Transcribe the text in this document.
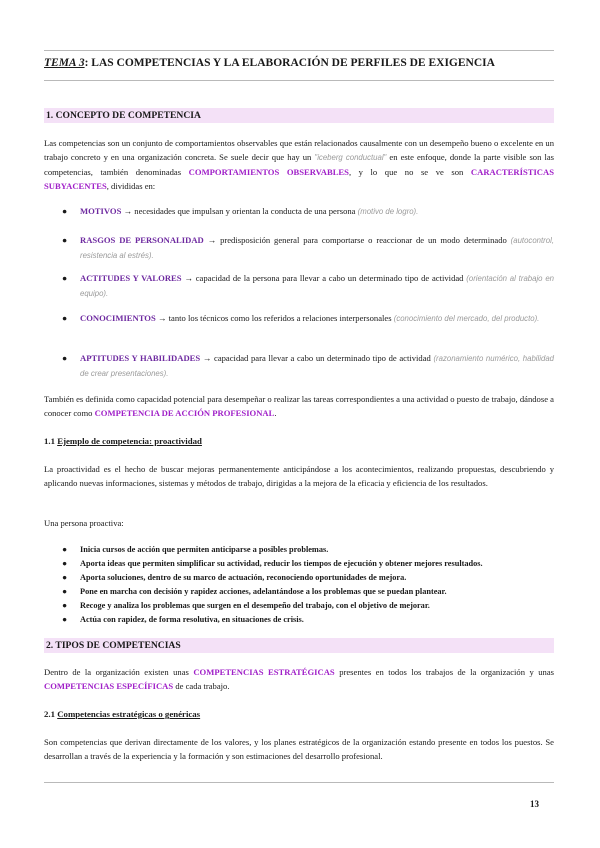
TEMA 3: LAS COMPETENCIAS Y LA ELABORACIÓN DE PERFILES DE EXIGENCIA
1. CONCEPTO DE COMPETENCIA
Las competencias son un conjunto de comportamientos observables que están relacionados causalmente con un desempeño bueno o excelente en un trabajo concreto y en una organización concreta. Se suele decir que hay un "iceberg conductual" en este enfoque, donde la parte visible son las competencias, también denominadas COMPORTAMIENTOS OBSERVABLES, y lo que no se ve son CARACTERÍSTICAS SUBYACENTES, divididas en:
● MOTIVOS → necesidades que impulsan y orientan la conducta de una persona (motivo de logro).
● RASGOS DE PERSONALIDAD → predisposición general para comportarse o reaccionar de un modo determinado (autocontrol, resistencia al estrés).
● ACTITUDES Y VALORES → capacidad de la persona para llevar a cabo un determinado tipo de actividad (orientación al trabajo en equipo).
● CONOCIMIENTOS → tanto los técnicos como los referidos a relaciones interpersonales (conocimiento del mercado, del producto).
● APTITUDES Y HABILIDADES → capacidad para llevar a cabo un determinado tipo de actividad (razonamiento numérico, habilidad de crear presentaciones).
También es definida como capacidad potencial para desempeñar o realizar las tareas correspondientes a una actividad o puesto de trabajo, dándose a conocer como COMPETENCIA DE ACCIÓN PROFESIONAL.
1.1 Ejemplo de competencia: proactividad
La proactividad es el hecho de buscar mejoras permanentemente anticipándose a los acontecimientos, realizando propuestas, descubriendo y aplicando nuevas informaciones, sistemas y métodos de trabajo, dirigidas a la mejora de la eficacia y eficiencia de los resultados.
Una persona proactiva:
● Inicia cursos de acción que permiten anticiparse a posibles problemas.
● Aporta ideas que permiten simplificar su actividad, reducir los tiempos de ejecución y obtener mejores resultados.
● Aporta soluciones, dentro de su marco de actuación, reconociendo oportunidades de mejora.
● Pone en marcha con decisión y rapidez acciones, adelantándose a los problemas que se puedan plantear.
● Recoge y analiza los problemas que surgen en el desempeño del trabajo, con el objetivo de mejorar.
● Actúa con rapidez, de forma resolutiva, en situaciones de crisis.
2. TIPOS DE COMPETENCIAS
Dentro de la organización existen unas COMPETENCIAS ESTRATÉGICAS presentes en todos los trabajos de la organización y unas COMPETENCIAS ESPECÍFICAS de cada trabajo.
2.1 Competencias estratégicas o genéricas
Son competencias que derivan directamente de los valores, y los planes estratégicos de la organización estando presente en todos los puestos. Se desarrollan a través de la experiencia y la formación y son estimaciones del desarrollo profesional.
13
